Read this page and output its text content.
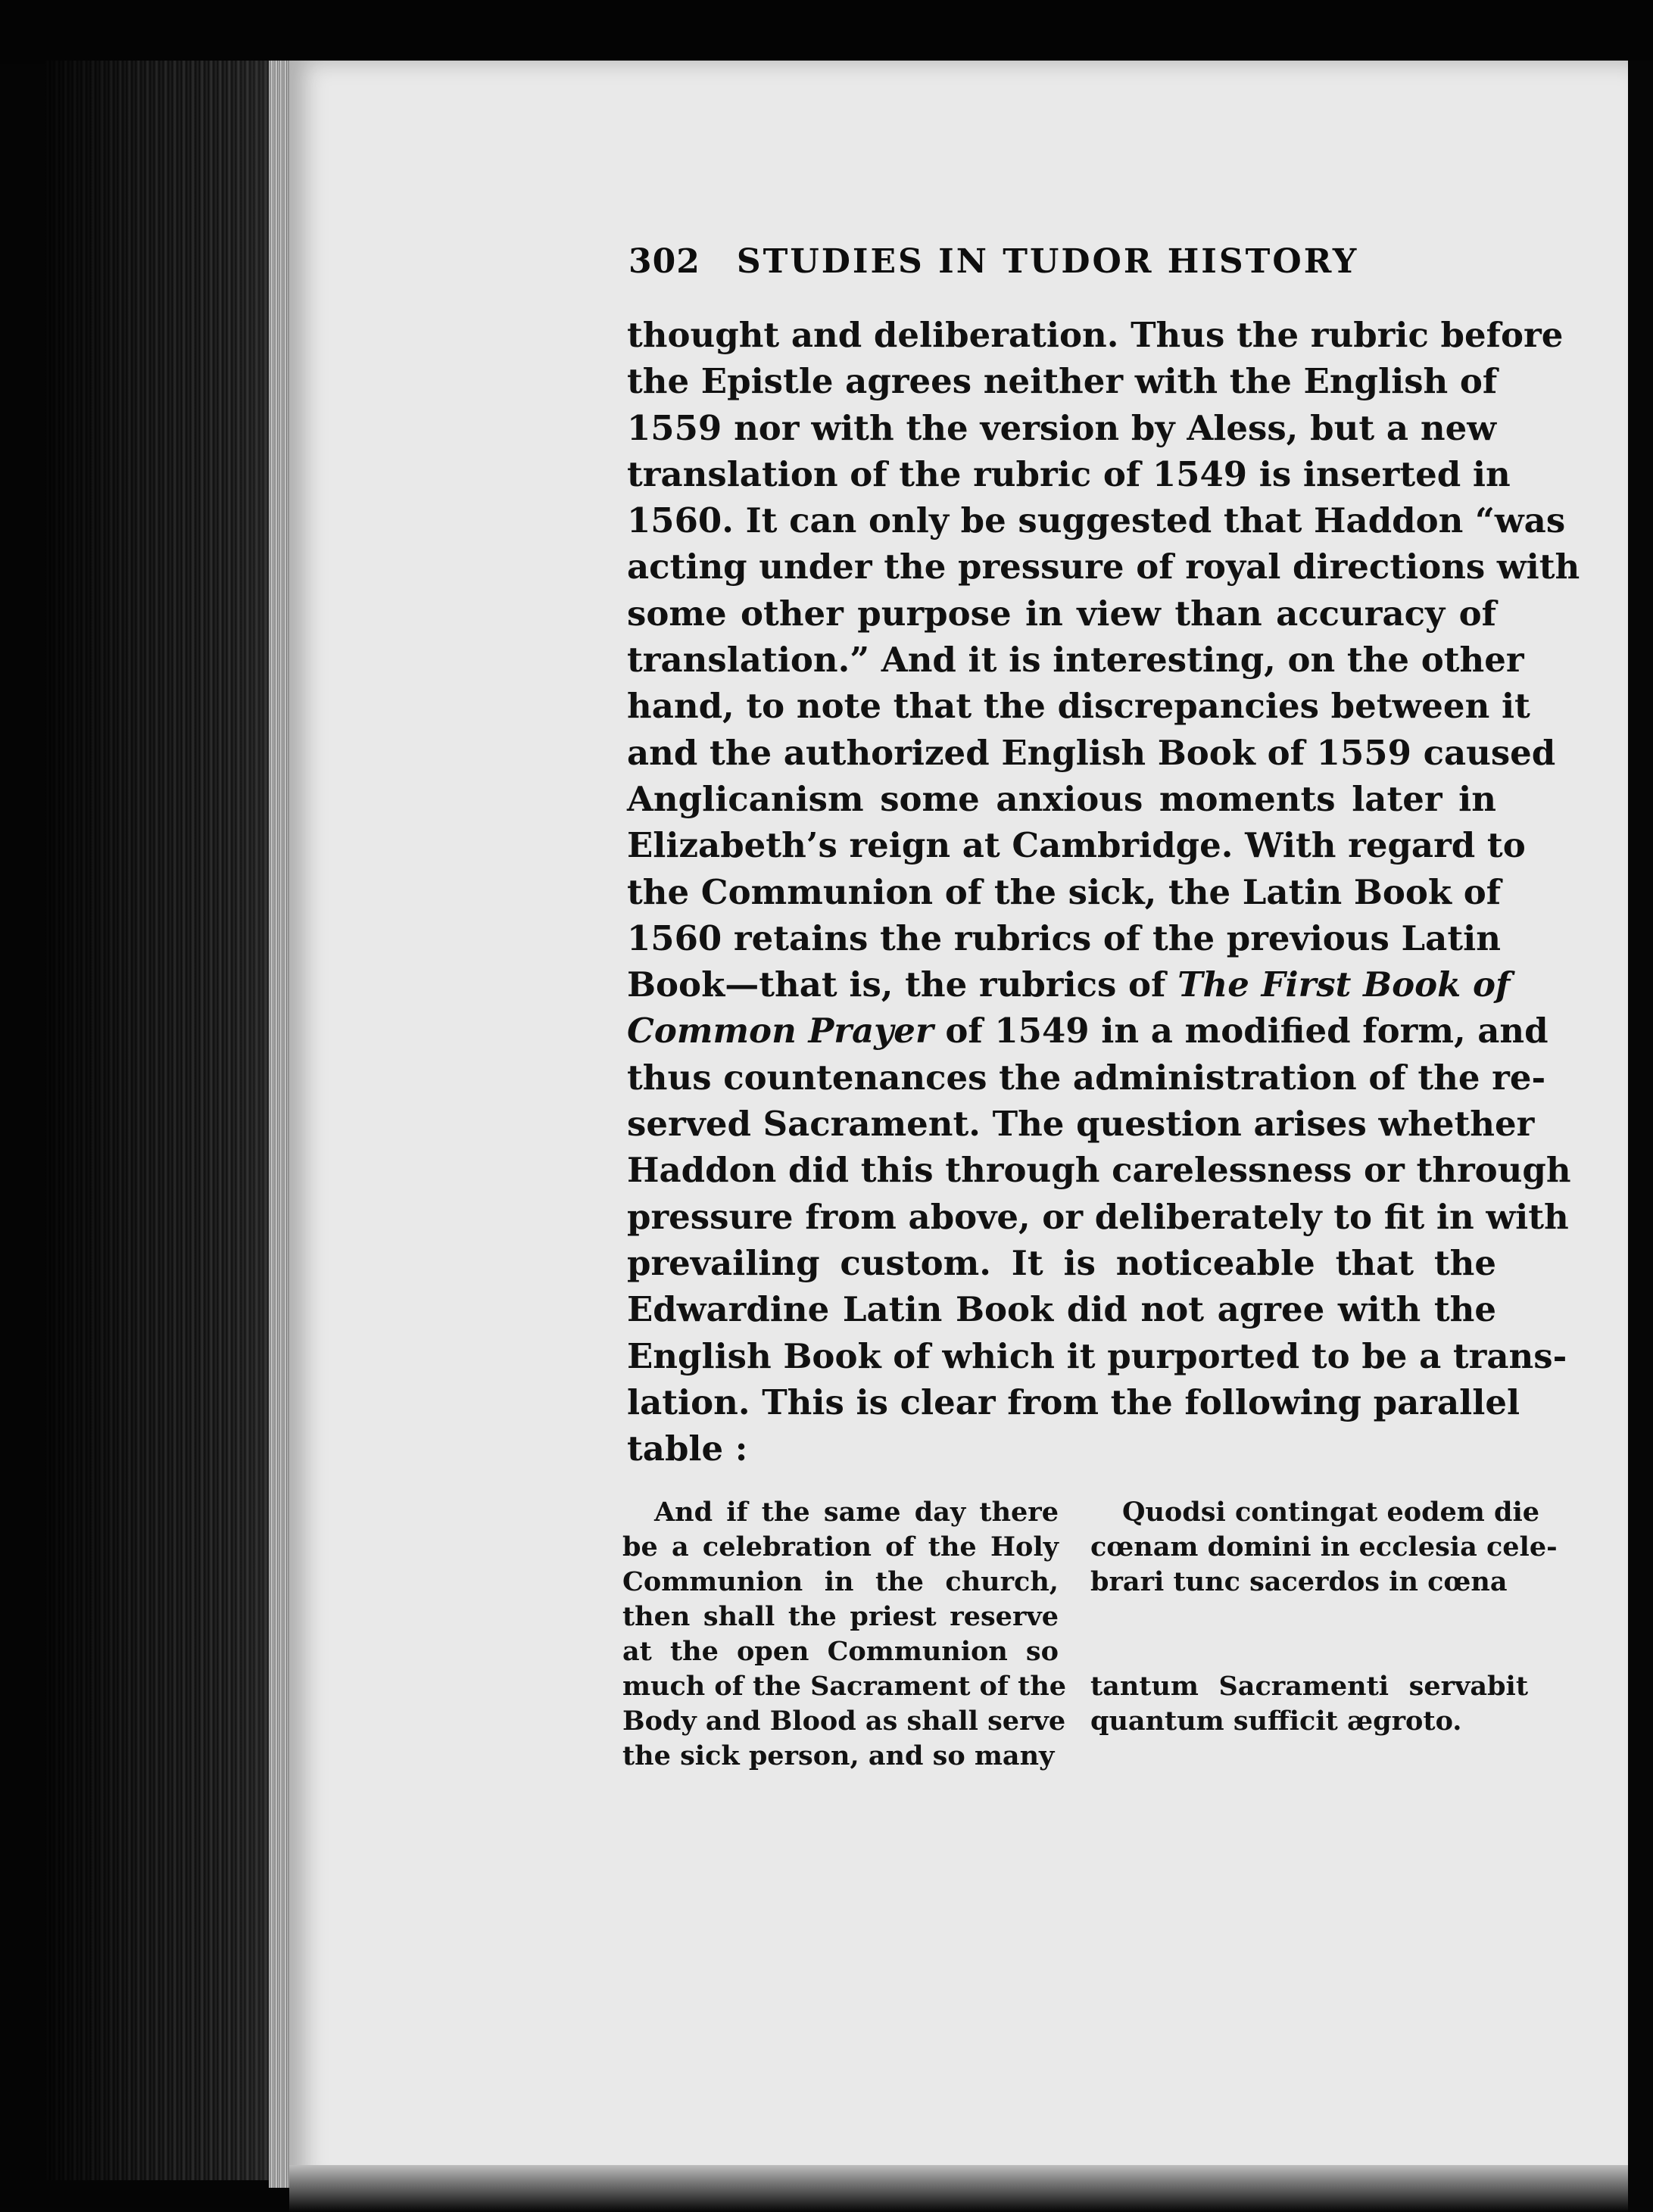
302 STUDIES IN TUDOR HISTORY
thought and deliberation. Thus the rubric before
the Epistle agrees neither with the English of
1559 nor with the version by Aless, but a new
translation of the rubric of 1549 is inserted in
1560. It can only be suggested that Haddon “was
acting under the pressure of royal directions with
some other purpose in view than accuracy of
translation.” And it is interesting, on the other
hand, to note that the discrepancies between it
and the authorized English Book of 1559 caused
Anglicanism some anxious moments later in
Elizabeth’s reign at Cambridge. With regard to
the Communion of the sick, the Latin Book of
1560 retains the rubrics of the previous Latin
Book—that is, the rubrics of The First Book of
Common Prayer of 1549 in a modified form, and
thus countenances the administration of the re-
served Sacrament. The question arises whether
Haddon did this through carelessness or through
pressure from above, or deliberately to fit in with
prevailing custom. It is noticeable that the
Edwardine Latin Book did not agree with the
English Book of which it purported to be a trans-
lation. This is clear from the following parallel
table :
And if the same day there
be a celebration of the Holy
Communion in the church,
then shall the priest reserve
at the open Communion so
much of the Sacrament of the
Body and Blood as shall serve
the sick person, and so many
Quodsi contingat eodem die
cœnam domini in ecclesia cele-
brari tunc sacerdos in cœna
tantum Sacramenti servabit
quantum sufficit ægroto.
